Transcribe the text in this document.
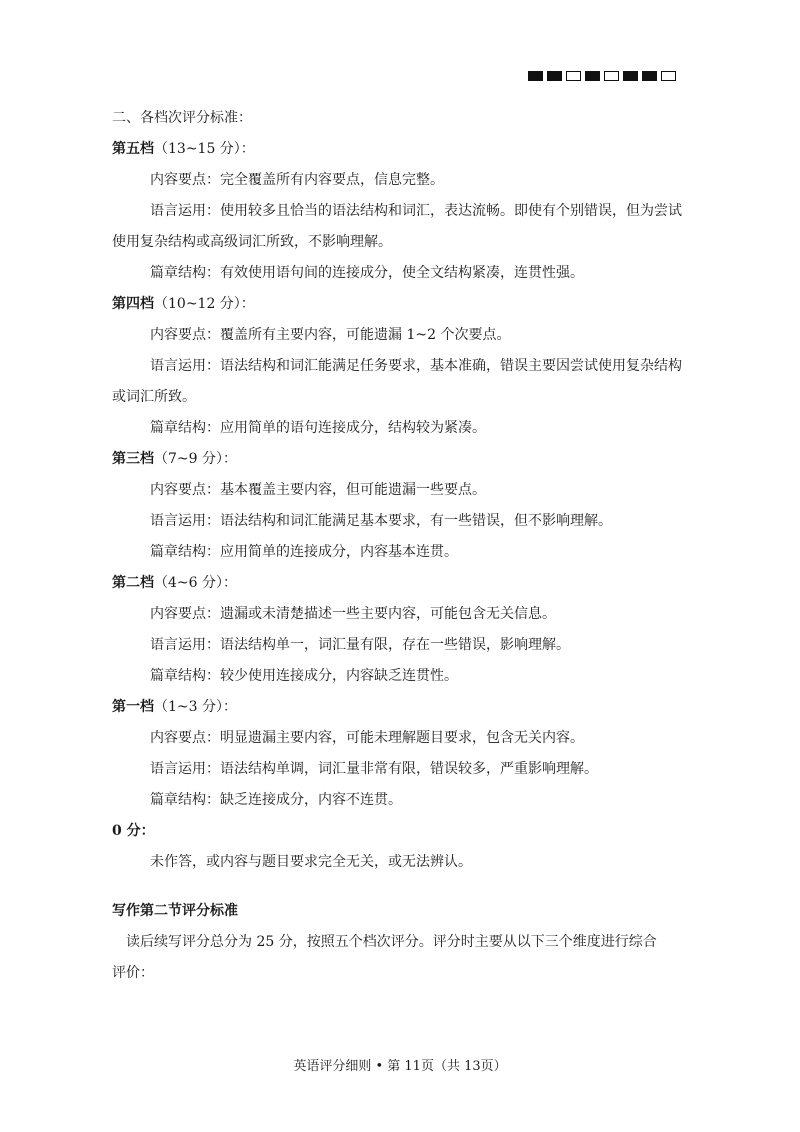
二、各档次评分标准：

第五档（13~15 分）：

内容要点：完全覆盖所有内容要点，信息完整。

语言运用：使用较多且恰当的语法结构和词汇，表达流畅。即使有个别错误，但为尝试

使用复杂结构或高级词汇所致，不影响理解。

篇章结构：有效使用语句间的连接成分，使全文结构紧凑，连贯性强。

第四档（10~12 分）：

内容要点：覆盖所有主要内容，可能遗漏 1~2 个次要点。

语言运用：语法结构和词汇能满足任务要求，基本准确，错误主要因尝试使用复杂结构

或词汇所致。

篇章结构：应用简单的语句连接成分，结构较为紧凑。

第三档（7~9 分）：

内容要点：基本覆盖主要内容，但可能遗漏一些要点。

语言运用：语法结构和词汇能满足基本要求，有一些错误，但不影响理解。

篇章结构：应用简单的连接成分，内容基本连贯。

第二档（4~6 分）：

内容要点：遗漏或未清楚描述一些主要内容，可能包含无关信息。

语言运用：语法结构单一，词汇量有限，存在一些错误，影响理解。

篇章结构：较少使用连接成分，内容缺乏连贯性。

第一档（1~3 分）：

内容要点：明显遗漏主要内容，可能未理解题目要求，包含无关内容。

语言运用：语法结构单调，词汇量非常有限，错误较多，严重影响理解。

篇章结构：缺乏连接成分，内容不连贯。

0 分：

未作答，或内容与题目要求完全无关，或无法辨认。

写作第二节评分标准

读后续写评分总分为 25 分，按照五个档次评分。评分时主要从以下三个维度进行综合

评价：

英语评分细则 • 第 11页（共 13页）
